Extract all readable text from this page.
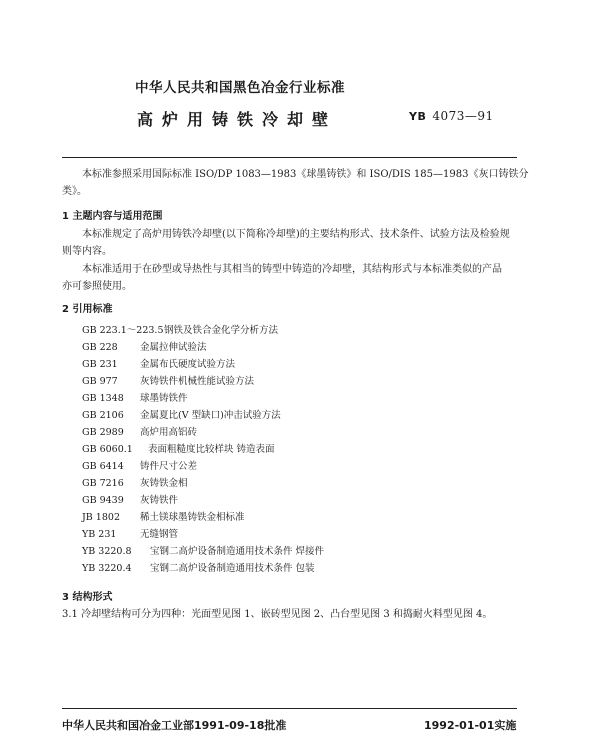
中华人民共和国黑色冶金行业标准
高炉用铸铁冷却壁	YB 4073—91
本标准参照采用国际标准 ISO/DP 1083—1983《球墨铸铁》和 ISO/DIS 185—1983《灰口铸铁分
类》。
1 主题内容与适用范围
本标准规定了高炉用铸铁冷却壁(以下简称冷却壁)的主要结构形式、技术条件、试验方法及检验规
则等内容。
本标准适用于在砂型或导热性与其相当的铸型中铸造的冷却壁，其结构形式与本标准类似的产品
亦可参照使用。
2 引用标准
GB 223.1～223.5钢铁及铁合金化学分析方法
GB 228 金属拉伸试验法
GB 231 金属布氏硬度试验方法
GB 977 灰铸铁件机械性能试验方法
GB 1348 球墨铸铁件
GB 2106 金属夏比(V 型缺口)冲击试验方法
GB 2989 高炉用高铝砖
GB 6060.1 表面粗糙度比较样块 铸造表面
GB 6414 铸件尺寸公差
GB 7216 灰铸铁金相
GB 9439 灰铸铁件
JB 1802 稀土镁球墨铸铁金相标准
YB 231 无缝钢管
YB 3220.8 宝钢二高炉设备制造通用技术条件 焊接件
YB 3220.4 宝钢二高炉设备制造通用技术条件 包装
3 结构形式
3.1 冷却壁结构可分为四种：光面型见图 1、嵌砖型见图 2、凸台型见图 3 和捣耐火料型见图 4。
中华人民共和国冶金工业部1991-09-18批准	1992-01-01实施
